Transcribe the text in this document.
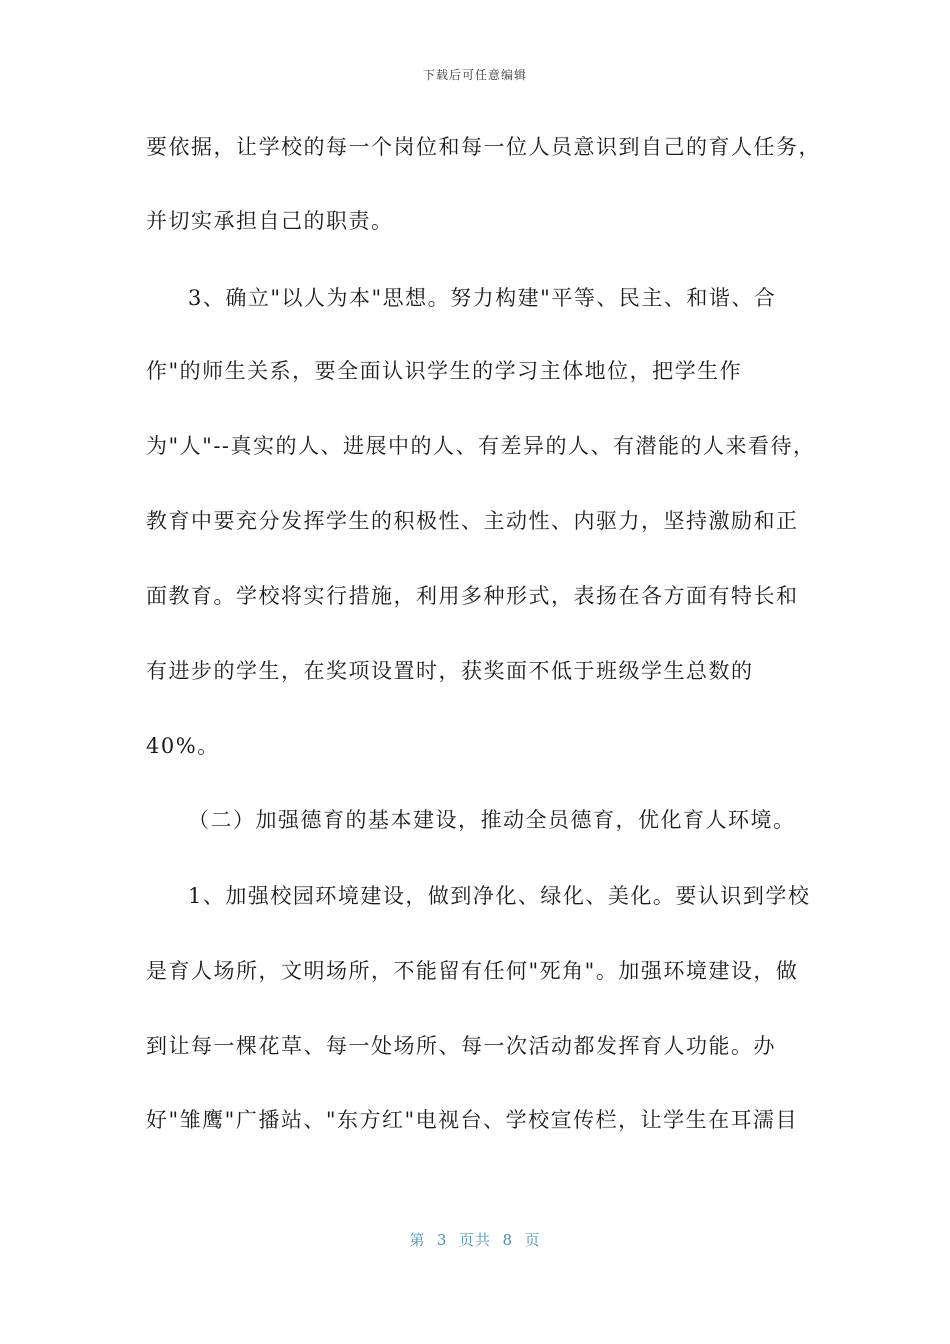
下载后可任意编辑
要依据，让学校的每一个岗位和每一位人员意识到自己的育人任务，
并切实承担自己的职责。
3、确立"以人为本"思想。努力构建"平等、民主、和谐、合
作"的师生关系，要全面认识学生的学习主体地位，把学生作
为"人"--真实的人、进展中的人、有差异的人、有潜能的人来看待，
教育中要充分发挥学生的积极性、主动性、内驱力，坚持激励和正
面教育。学校将实行措施，利用多种形式，表扬在各方面有特长和
有进步的学生，在奖项设置时，获奖面不低于班级学生总数的
40%。
（二）加强德育的基本建设，推动全员德育，优化育人环境。
1、加强校园环境建设，做到净化、绿化、美化。要认识到学校
是育人场所，文明场所，不能留有任何"死角"。加强环境建设，做
到让每一棵花草、每一处场所、每一次活动都发挥育人功能。办
好"雏鹰"广播站、"东方红"电视台、学校宣传栏，让学生在耳濡目
第  3  页共  8  页
